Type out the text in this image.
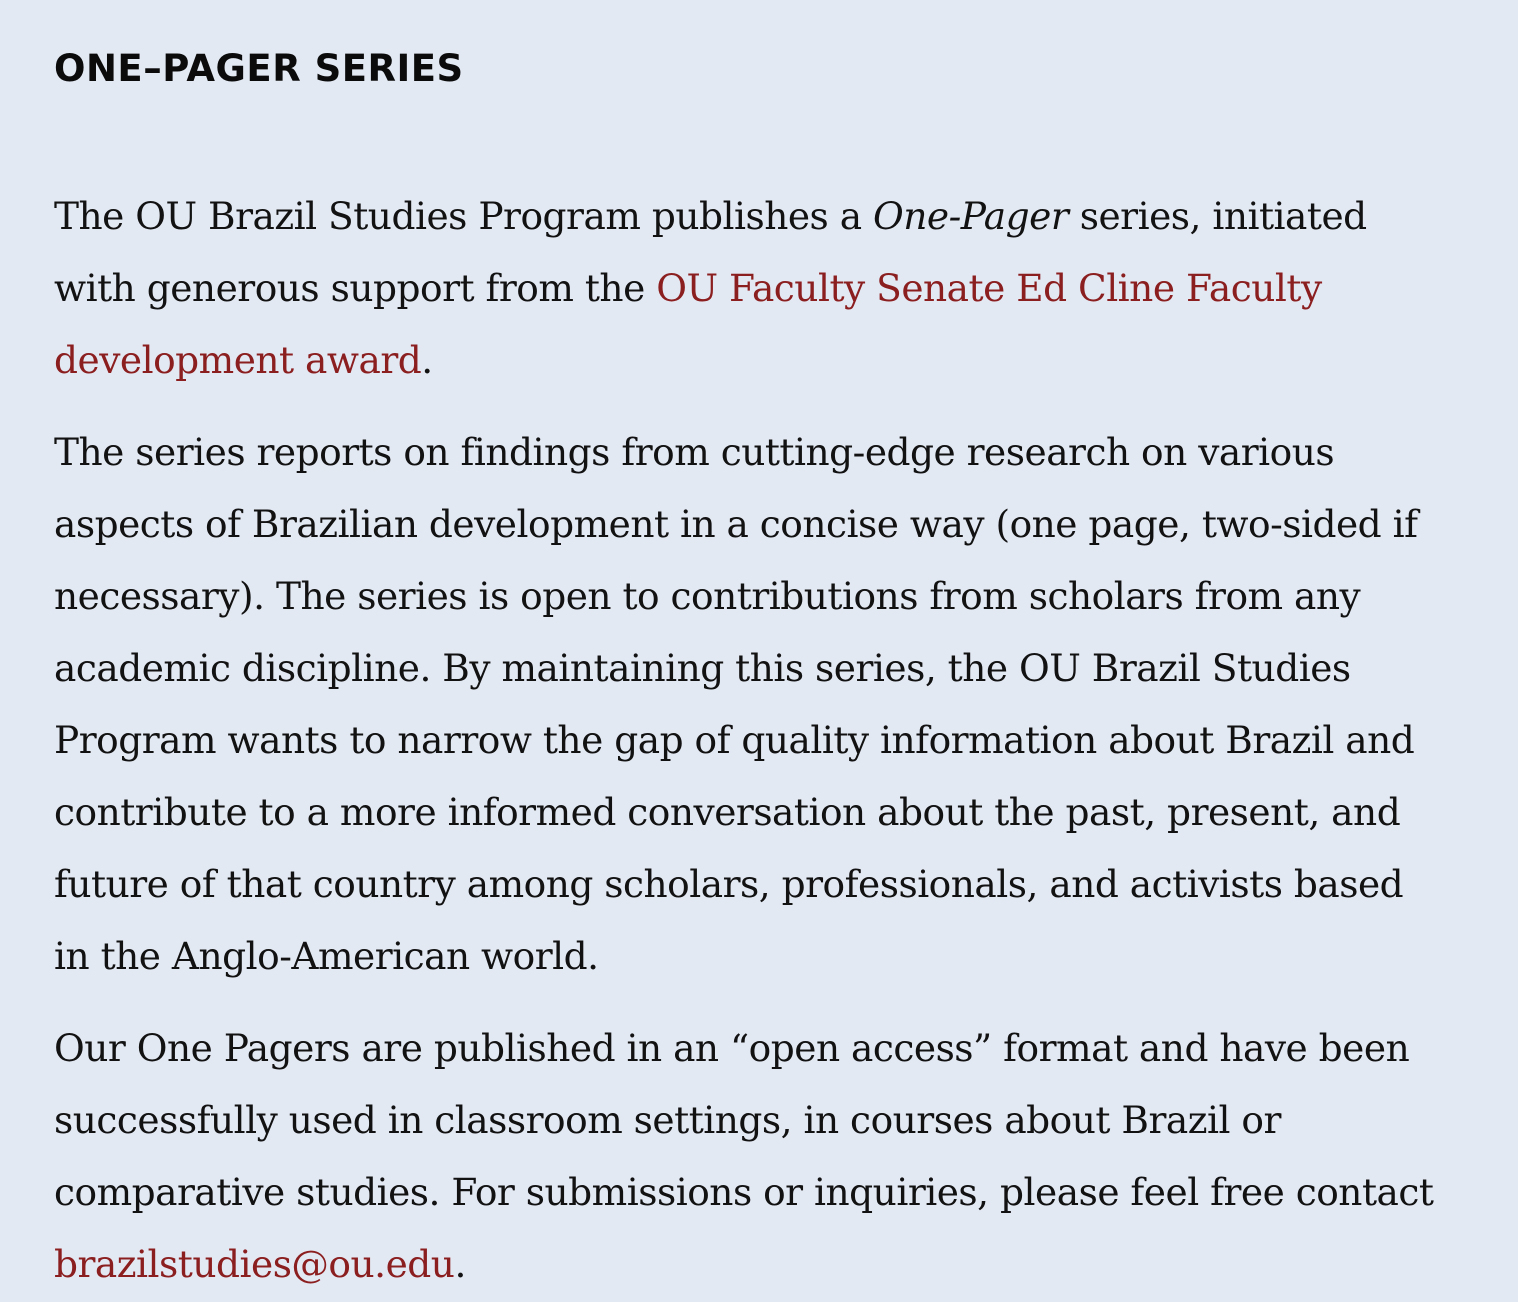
ONE–PAGER SERIES

The OU Brazil Studies Program publishes a One-Pager series, initiated with generous support from the OU Faculty Senate Ed Cline Faculty development award.

The series reports on findings from cutting-edge research on various aspects of Brazilian development in a concise way (one page, two-sided if necessary). The series is open to contributions from scholars from any academic discipline. By maintaining this series, the OU Brazil Studies Program wants to narrow the gap of quality information about Brazil and contribute to a more informed conversation about the past, present, and future of that country among scholars, professionals, and activists based in the Anglo-American world.

Our One Pagers are published in an “open access” format and have been successfully used in classroom settings, in courses about Brazil or comparative studies. For submissions or inquiries, please feel free contact brazilstudies@ou.edu.
